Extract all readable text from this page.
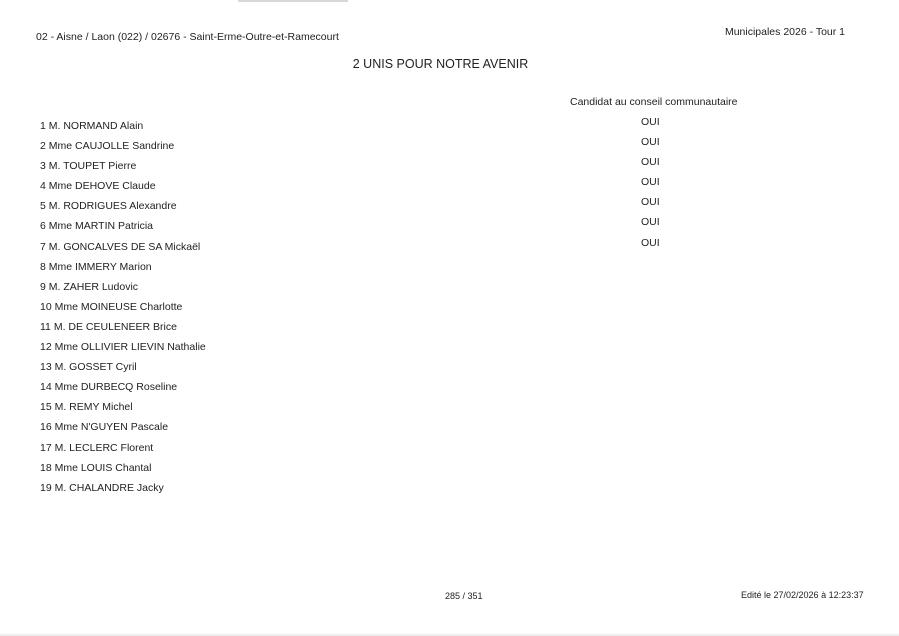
02 - Aisne / Laon (022) / 02676 - Saint-Erme-Outre-et-Ramecourt	Municipales 2026 - Tour 1
2 UNIS POUR NOTRE AVENIR
Candidat au conseil communautaire
1 M. NORMAND Alain	OUI
2 Mme CAUJOLLE Sandrine	OUI
3 M. TOUPET Pierre	OUI
4 Mme DEHOVE Claude	OUI
5 M. RODRIGUES Alexandre	OUI
6 Mme MARTIN Patricia	OUI
7 M. GONCALVES DE SA Mickaël	OUI
8 Mme IMMERY Marion
9 M. ZAHER Ludovic
10 Mme MOINEUSE Charlotte
11 M. DE CEULENEER Brice
12 Mme OLLIVIER LIEVIN Nathalie
13 M. GOSSET Cyril
14 Mme DURBECQ Roseline
15 M. REMY Michel
16 Mme N'GUYEN Pascale
17 M. LECLERC Florent
18 Mme LOUIS Chantal
19 M. CHALANDRE Jacky
285 / 351	Edité le 27/02/2026 à 12:23:37
